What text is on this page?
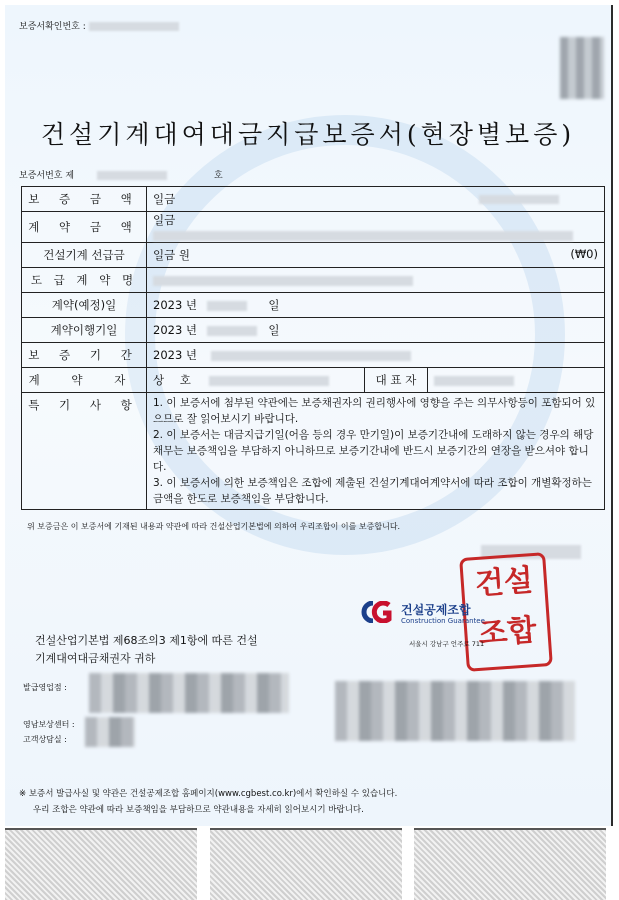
보증서확인번호 :
건설기계대여대금지급보증서(현장별보증)
보증서번호 제	호
보 증 금 액	일금		
계 약 금 액	일금		
건설기계 선급금	일금 원 (₩0)		

도 급 계 약 명			
계약(예정)일	2023 년 일		
계약이행기일	2023 년 일		
보 증 기 간	2023 년		
계 약 자	상 호	대 표 자	
특 기 사 항	1. 이 보증서에 첨부된 약관에는 보증채권자의 권리행사에 영향을 주는 의무사항등이 포함되어 있으므로 잘 읽어보시기 바랍니다.
2. 이 보증서는 대금지급기일(어음 등의 경우 만기일)이 보증기간내에 도래하지 않는 경우의 해당채무는 보증책임을 부담하지 아니하므로 보증기간내에 반드시 보증기간의 연장을 받으셔야 합니다.
3. 이 보증서에 의한 보증책임은 조합에 제출된 건설기계대여계약서에 따라 조합이 개별확정하는 금액을 한도로 보증책임을 부담합니다.		
위 보증금은 이 보증서에 기재된 내용과 약관에 따라 건설산업기본법에 의하여 우리조합이 이를 보증합니다.
건설
조합
건설공제조합
Construction Guarantee
서울시 강남구 언주로 711
건설산업기본법 제68조의3 제1항에 따른 건설
기계대여대금채권자 귀하
발급영업점 :
영남보상센터 :
고객상담실 :
※ 보증서 발급사실 및 약관은 건설공제조합 홈페이지(www.cgbest.co.kr)에서 확인하실 수 있습니다.
우리 조합은 약관에 따라 보증책임을 부담하므로 약관내용을 자세히 읽어보시기 바랍니다.
